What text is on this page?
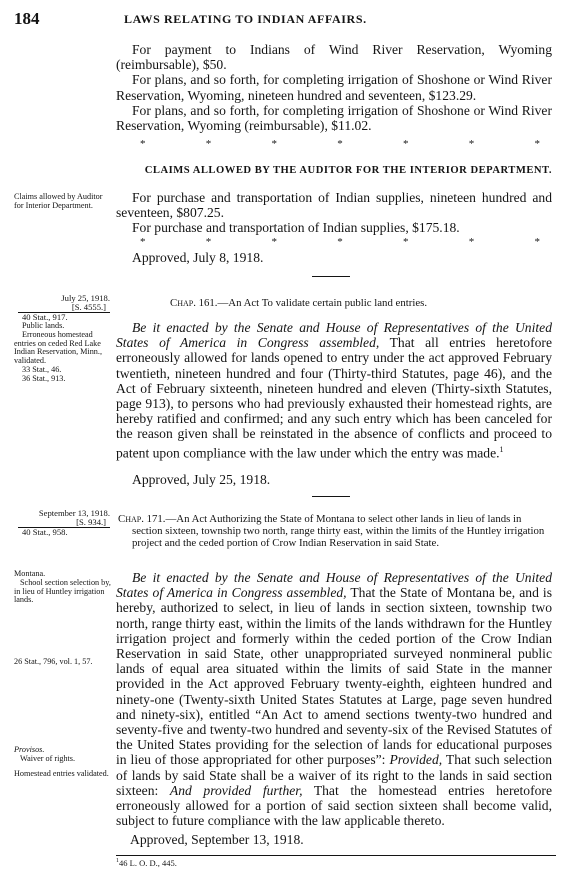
184	LAWS RELATING TO INDIAN AFFAIRS.

For payment to Indians of Wind River Reservation, Wyoming (reimbursable), $50.

For plans, and so forth, for completing irrigation of Shoshone or Wind River Reservation, Wyoming, nineteen hundred and seventeen, $123.29.

For plans, and so forth, for completing irrigation of Shoshone or Wind River Reservation, Wyoming (reimbursable), $11.02.

*	*	*	*	*	*	*
CLAIMS ALLOWED BY THE AUDITOR FOR THE INTERIOR DEPARTMENT.
Claims allowed by Auditor for Interior Department.

For purchase and transportation of Indian supplies, nineteen hundred and seventeen, $807.25.

For purchase and transportation of Indian supplies, $175.18.

*	*	*	*	*	*	*
Approved, July 8, 1918.
July 25, 1918.
[S. 4555.]
40 Stat., 917.
Chap. 161.—An Act To validate certain public land entries.
Public lands.
Erroneous homestead entries on ceded Red Lake Indian Reservation, Minn., validated.
33 Stat., 46.
36 Stat., 913.

Be it enacted by the Senate and House of Representatives of the United States of America in Congress assembled, That all entries heretofore erroneously allowed for lands opened to entry under the act approved February twentieth, nineteen hundred and four (Thirty-third Statutes, page 46), and the Act of February sixteenth, nineteen hundred and eleven (Thirty-sixth Statutes, page 913), to persons who had previously exhausted their homestead rights, are hereby ratified and confirmed; and any such entry which has been canceled for the reason given shall be reinstated in the absence of conflicts and proceed to patent upon compliance with the law under which the entry was made.$^1$

Approved, July 25, 1918.
September 13, 1918.
[S. 934.]
40 Stat., 958.
Chap. 171.—An Act Authorizing the State of Montana to select other lands in lieu of lands in section sixteen, township two north, range thirty east, within the limits of the Huntley irrigation project and the ceded portion of Crow Indian Reservation in said State.
Montana.
School section selection by, in lieu of Huntley irrigation lands.
26 Stat., 796, vol. 1, 57.
Provisos.
Waiver of rights.
Homestead entries validated.

Be it enacted by the Senate and House of Representatives of the United States of America in Congress assembled, That the State of Montana be, and is hereby, authorized to select, in lieu of lands in section sixteen, township two north, range thirty east, within the limits of the lands withdrawn for the Huntley irrigation project and formerly within the ceded portion of the Crow Indian Reservation in said State, other unappropriated surveyed nonmineral public lands of equal area situated within the limits of said State in the manner provided in the Act approved February twenty-eighth, eighteen hundred and ninety-one (Twenty-sixth United States Statutes at Large, page seven hundred and ninety-six), entitled “An Act to amend sections twenty-two hundred and seventy-five and twenty-two hundred and seventy-six of the Revised Statutes of the United States providing for the selection of lands for educational purposes in lieu of those appropriated for other purposes”: Provided, That such selection of lands by said State shall be a waiver of its right to the lands in said section sixteen: And provided further, That the homestead entries heretofore erroneously allowed for a portion of said section sixteen shall become valid, subject to future compliance with the law applicable thereto.

Approved, September 13, 1918.
$^1$46 L. O. D., 445.
